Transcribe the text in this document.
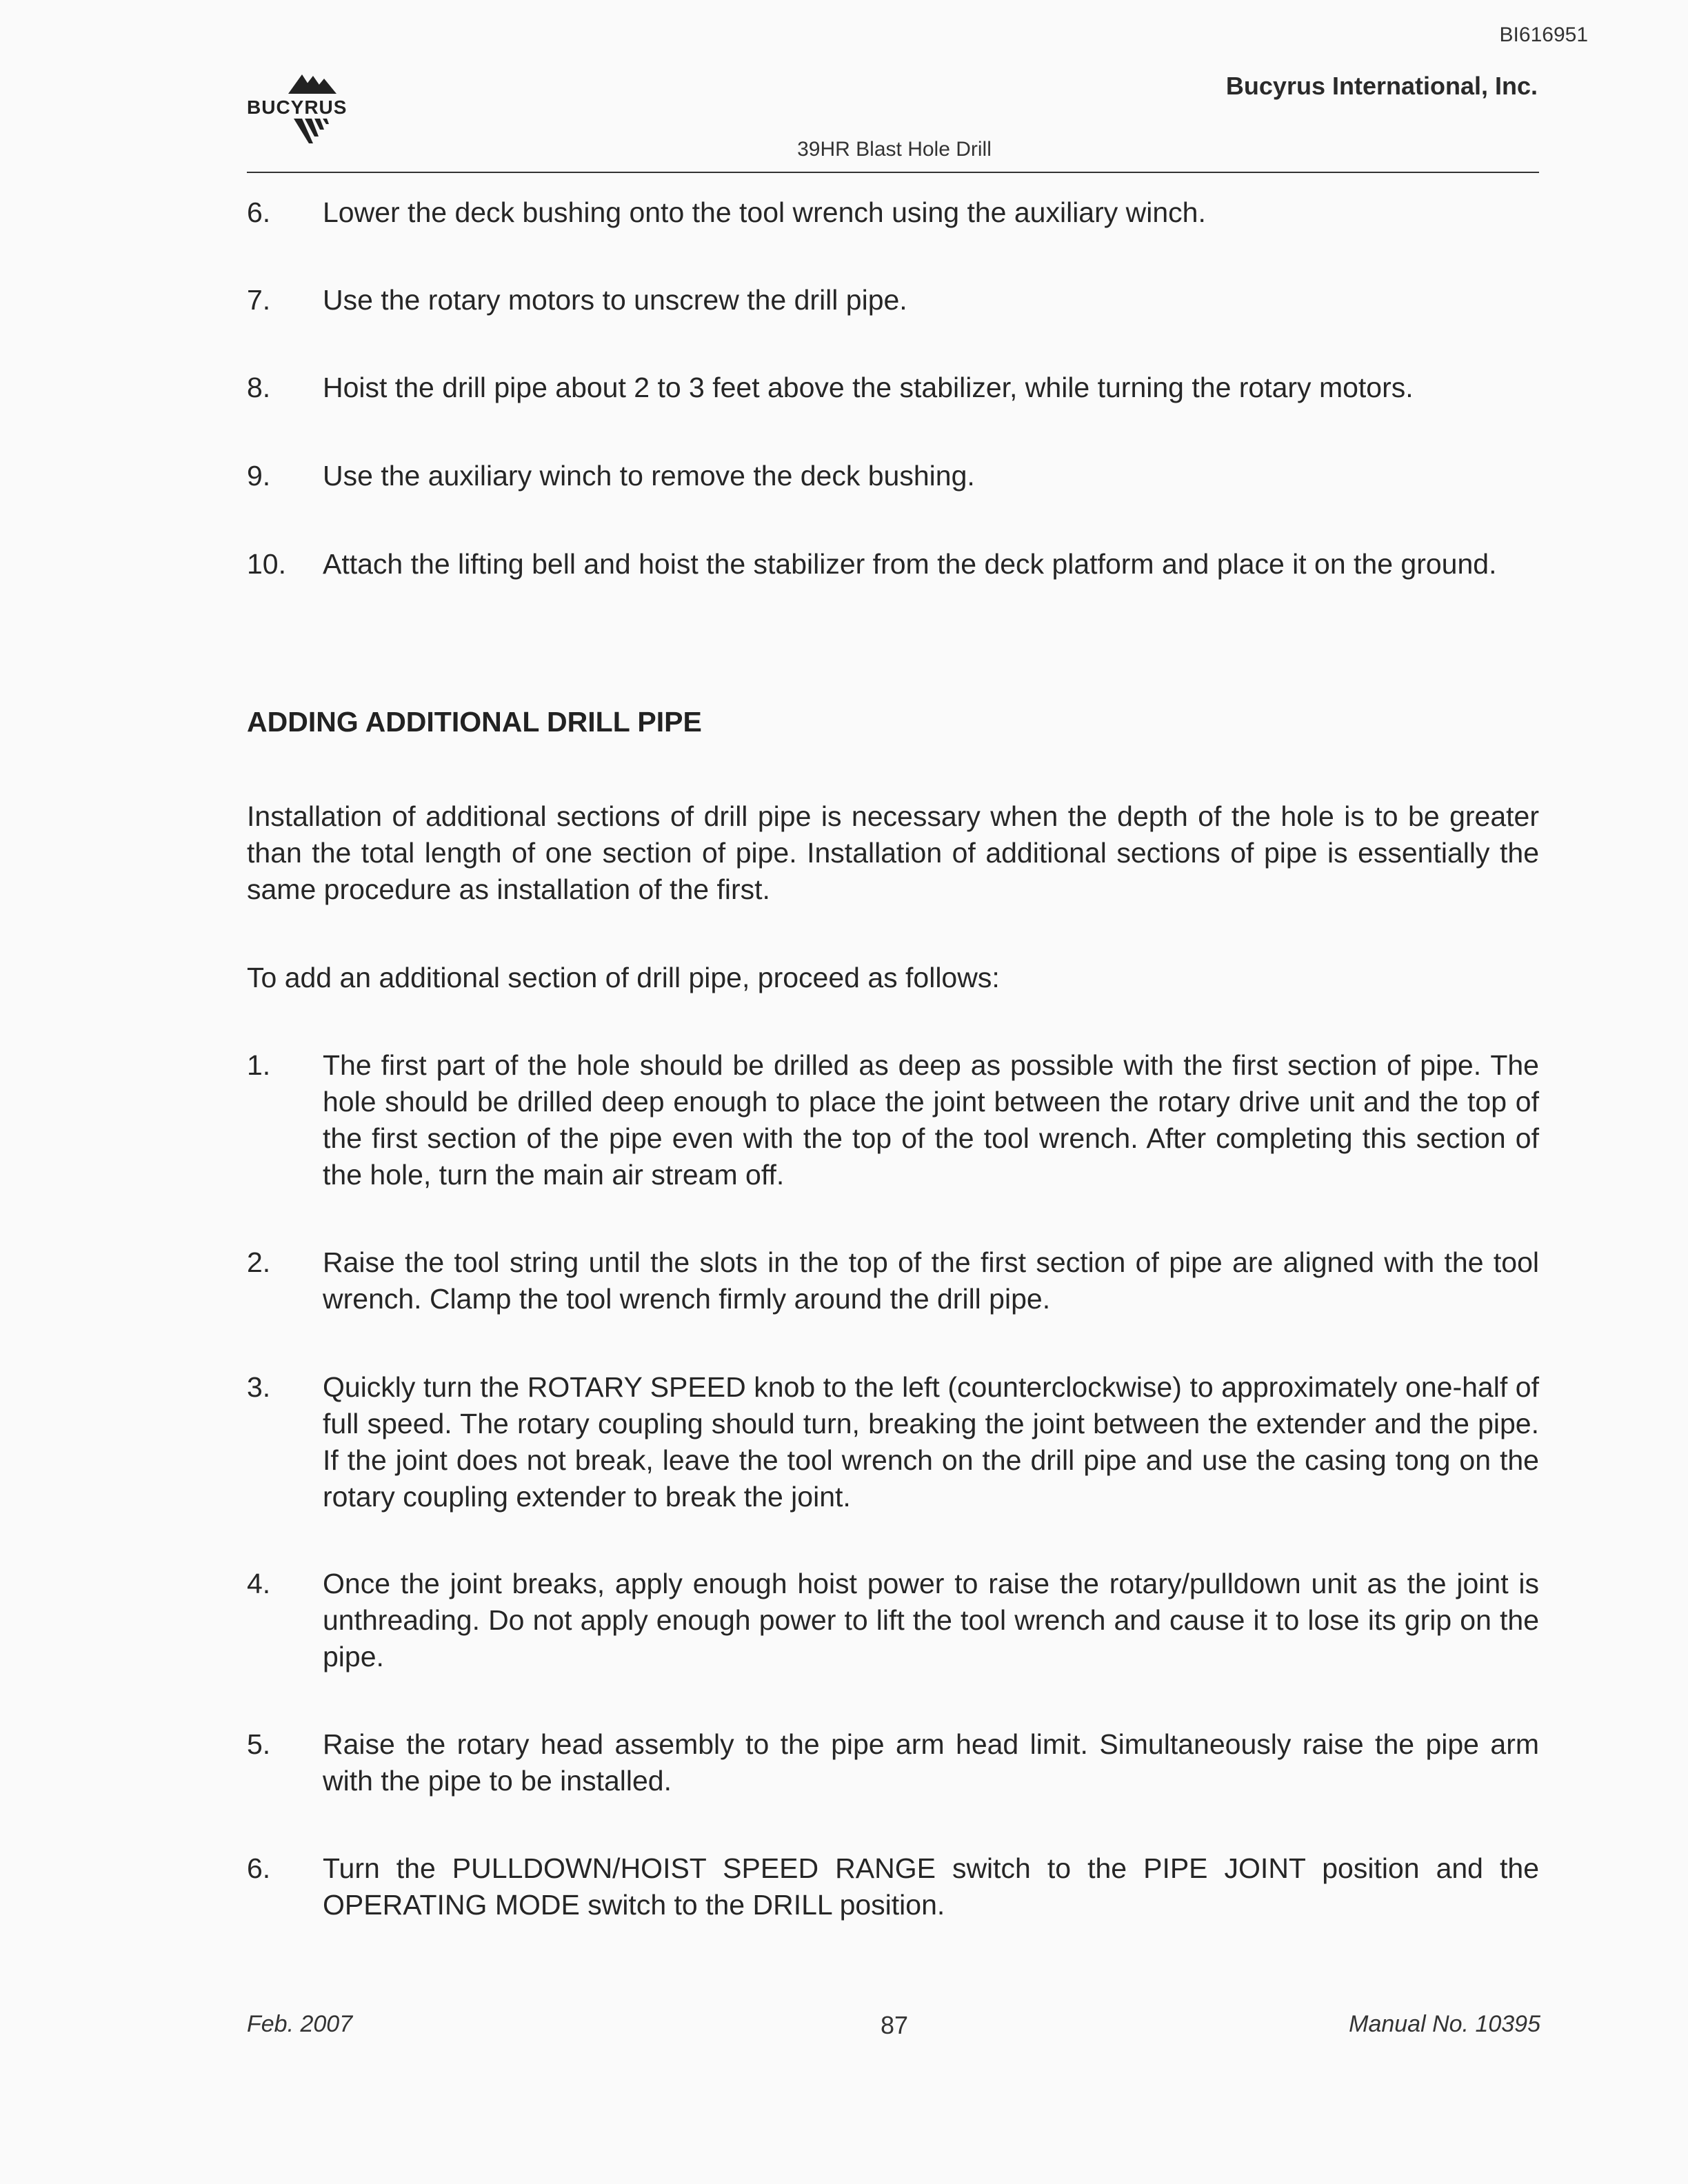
BI616951
BUCYRUS
Bucyrus International, Inc.
39HR Blast Hole Drill
6. Lower the deck bushing onto the tool wrench using the auxiliary winch.
7. Use the rotary motors to unscrew the drill pipe.
8. Hoist the drill pipe about 2 to 3 feet above the stabilizer, while turning the rotary motors.
9. Use the auxiliary winch to remove the deck bushing.
10. Attach the lifting bell and hoist the stabilizer from the deck platform and place it on the ground.
ADDING ADDITIONAL DRILL PIPE
Installation of additional sections of drill pipe is necessary when the depth of the hole is to be greater than the total length of one section of pipe. Installation of additional sections of pipe is essentially the same procedure as installation of the first.
To add an additional section of drill pipe, proceed as follows:
1. The first part of the hole should be drilled as deep as possible with the first section of pipe. The hole should be drilled deep enough to place the joint between the rotary drive unit and the top of the first section of the pipe even with the top of the tool wrench. After completing this section of the hole, turn the main air stream off.
2. Raise the tool string until the slots in the top of the first section of pipe are aligned with the tool wrench. Clamp the tool wrench firmly around the drill pipe.
3. Quickly turn the ROTARY SPEED knob to the left (counterclockwise) to approximately one-half of full speed. The rotary coupling should turn, breaking the joint between the extender and the pipe. If the joint does not break, leave the tool wrench on the drill pipe and use the casing tong on the rotary coupling extender to break the joint.
4. Once the joint breaks, apply enough hoist power to raise the rotary/pulldown unit as the joint is unthreading. Do not apply enough power to lift the tool wrench and cause it to lose its grip on the pipe.
5. Raise the rotary head assembly to the pipe arm head limit. Simultaneously raise the pipe arm with the pipe to be installed.
6. Turn the PULLDOWN/HOIST SPEED RANGE switch to the PIPE JOINT position and the OPERATING MODE switch to the DRILL position.
Feb. 2007	87	Manual No. 10395
